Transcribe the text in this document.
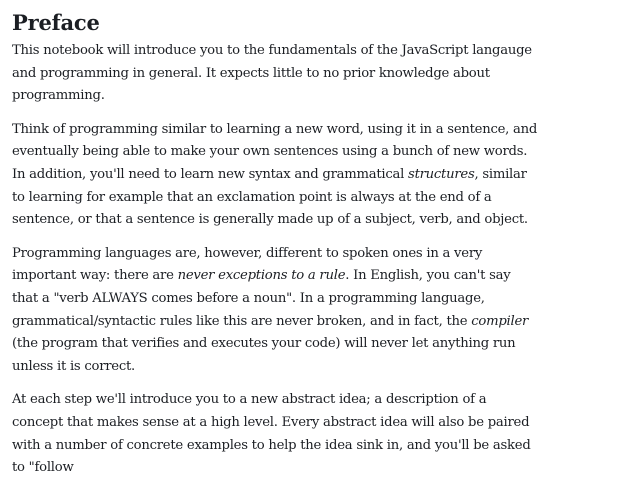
Preface

This notebook will introduce you to the fundamentals of the JavaScript langauge and programming in general. It expects little to no prior knowledge about programming.

Think of programming similar to learning a new word, using it in a sentence, and eventually being able to make your own sentences using a bunch of new words. In addition, you'll need to learn new syntax and grammatical structures, similar to learning for example that an exclamation point is always at the end of a sentence, or that a sentence is generally made up of a subject, verb, and object.

Programming languages are, however, different to spoken ones in a very important way: there are never exceptions to a rule. In English, you can't say that a "verb ALWAYS comes before a noun". In a programming language, grammatical/syntactic rules like this are never broken, and in fact, the compiler (the program that verifies and executes your code) will never let anything run unless it is correct.

At each step we'll introduce you to a new abstract idea; a description of a concept that makes sense at a high level. Every abstract idea will also be paired with a number of concrete examples to help the idea sink in, and you'll be asked to "follow
